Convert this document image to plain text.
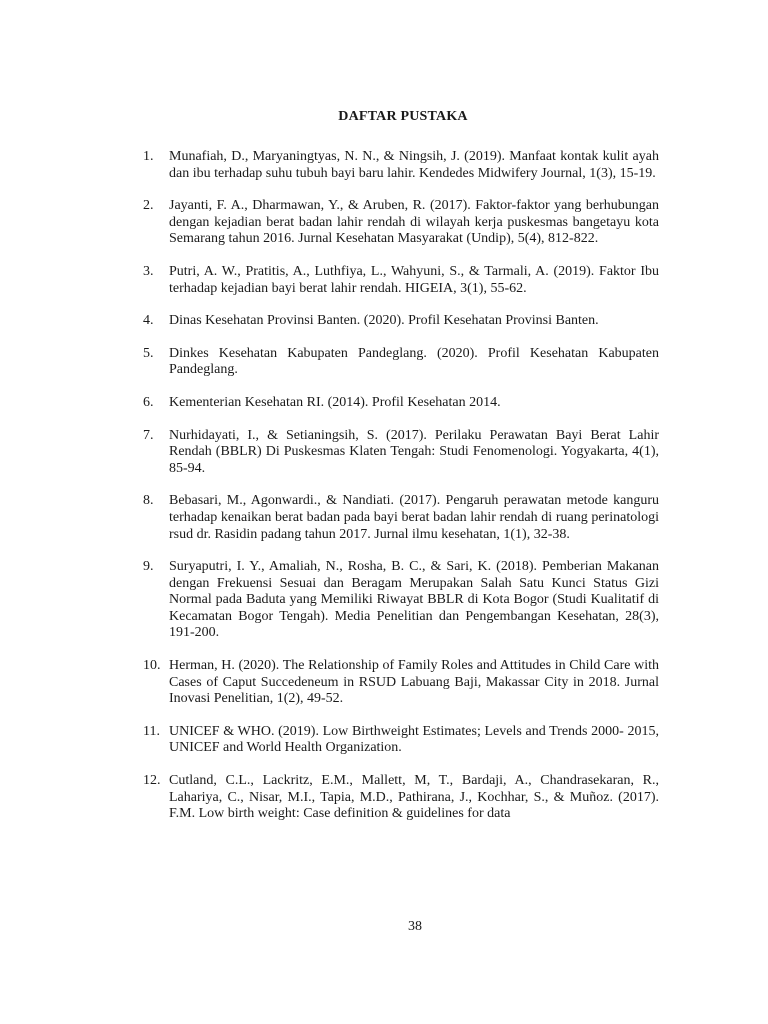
DAFTAR PUSTAKA
1.	Munafiah, D., Maryaningtyas, N. N., & Ningsih, J. (2019). Manfaat kontak kulit ayah dan ibu terhadap suhu tubuh bayi baru lahir. Kendedes Midwifery Journal, 1(3), 15-19.
2.	Jayanti, F. A., Dharmawan, Y., & Aruben, R. (2017). Faktor-faktor yang berhubungan dengan kejadian berat badan lahir rendah di wilayah kerja puskesmas bangetayu kota Semarang tahun 2016. Jurnal Kesehatan Masyarakat (Undip), 5(4), 812-822.
3.	Putri, A. W., Pratitis, A., Luthfiya, L., Wahyuni, S., & Tarmali, A. (2019). Faktor Ibu terhadap kejadian bayi berat lahir rendah. HIGEIA, 3(1), 55-62.
4.	Dinas Kesehatan Provinsi Banten. (2020). Profil Kesehatan Provinsi Banten.
5.	Dinkes Kesehatan Kabupaten Pandeglang. (2020). Profil Kesehatan Kabupaten Pandeglang.
6.	Kementerian Kesehatan RI. (2014). Profil Kesehatan 2014.
7.	Nurhidayati, I., & Setianingsih, S. (2017). Perilaku Perawatan Bayi Berat Lahir Rendah (BBLR) Di Puskesmas Klaten Tengah: Studi Fenomenologi. Yogyakarta, 4(1), 85-94.
8.	Bebasari, M., Agonwardi., & Nandiati. (2017). Pengaruh perawatan metode kanguru terhadap kenaikan berat badan pada bayi berat badan lahir rendah di ruang perinatologi rsud dr. Rasidin padang tahun 2017. Jurnal ilmu kesehatan, 1(1), 32-38.
9.	Suryaputri, I. Y., Amaliah, N., Rosha, B. C., & Sari, K. (2018). Pemberian Makanan dengan Frekuensi Sesuai dan Beragam Merupakan Salah Satu Kunci Status Gizi Normal pada Baduta yang Memiliki Riwayat BBLR di Kota Bogor (Studi Kualitatif di Kecamatan Bogor Tengah). Media Penelitian dan Pengembangan Kesehatan, 28(3), 191-200.
10. Herman, H. (2020). The Relationship of Family Roles and Attitudes in Child Care with Cases of Caput Succedeneum in RSUD Labuang Baji, Makassar City in 2018. Jurnal Inovasi Penelitian, 1(2), 49-52.
11. UNICEF & WHO. (2019). Low Birthweight Estimates; Levels and Trends 2000- 2015, UNICEF and World Health Organization.
12. Cutland, C.L., Lackritz, E.M., Mallett, M, T., Bardaji, A., Chandrasekaran, R., Lahariya, C., Nisar, M.I., Tapia, M.D., Pathirana, J., Kochhar, S., & Muñoz. (2017). F.M. Low birth weight: Case definition & guidelines for data
38
